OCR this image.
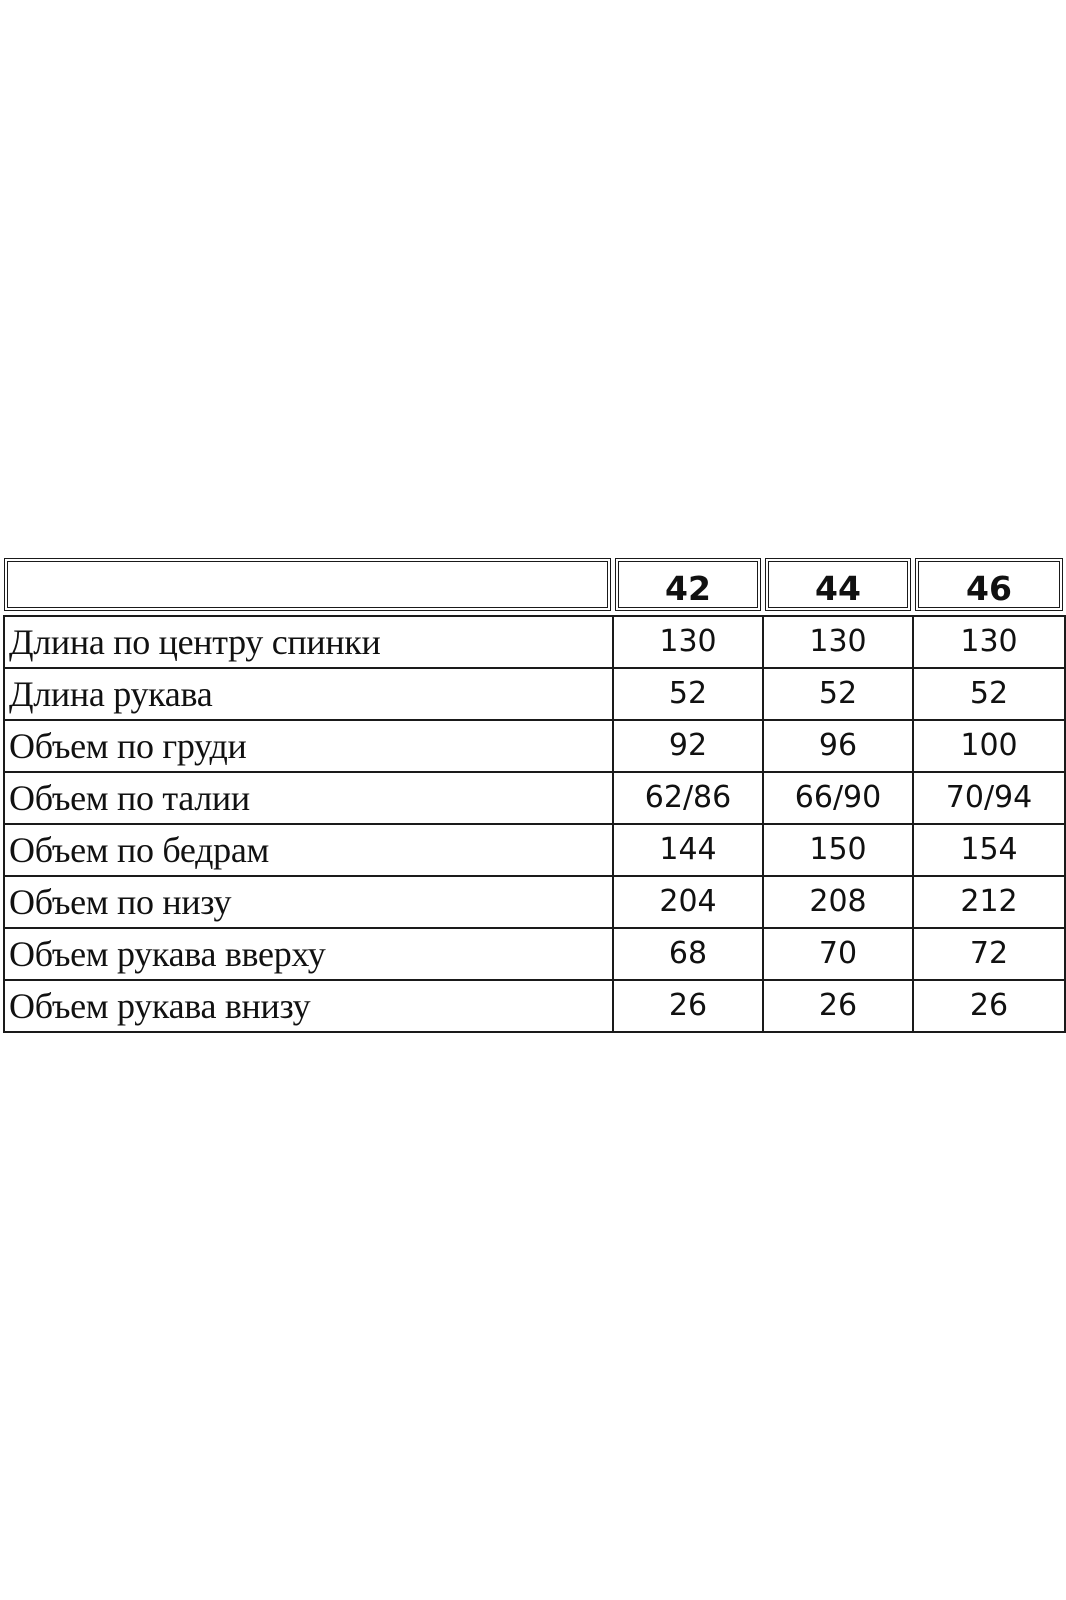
	42	44	46

Длина по центру спинки	130	130	130
Длина рукава	52	52	52
Объем по груди	92	96	100
Объем по талии	62/86	66/90	70/94
Объем по бедрам	144	150	154
Объем по низу	204	208	212
Объем рукава вверху	68	70	72
Объем рукава внизу	26	26	26
